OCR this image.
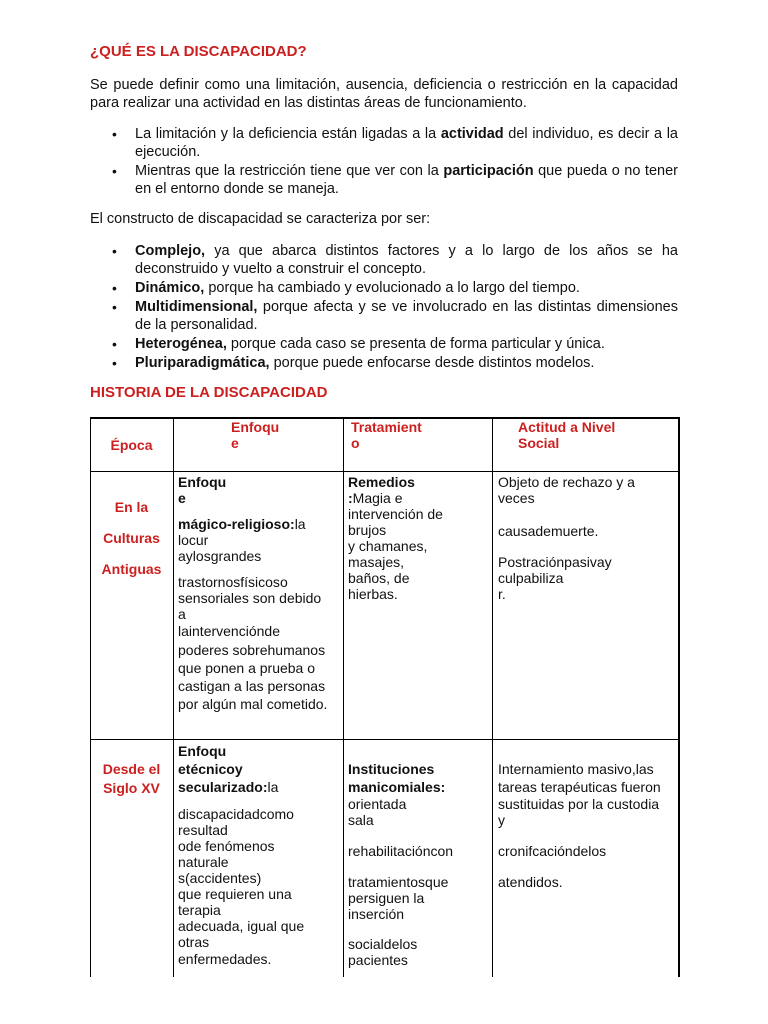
¿QUÉ ES LA DISCAPACIDAD?
Se puede definir como una limitación, ausencia, deficiencia o restricción en la capacidad para realizar una actividad en las distintas áreas de funcionamiento.
• La limitación y la deficiencia están ligadas a la actividad del individuo, es decir a la ejecución.
• Mientras que la restricción tiene que ver con la participación que pueda o no tener en el entorno donde se maneja.
El constructo de discapacidad se caracteriza por ser:
• Complejo, ya que abarca distintos factores y a lo largo de los años se ha deconstruido y vuelto a construir el concepto.
• Dinámico, porque ha cambiado y evolucionado a lo largo del tiempo.
• Multidimensional, porque afecta y se ve involucrado en las distintas dimensiones de la personalidad.
• Heterogénea, porque cada caso se presenta de forma particular y única.
• Pluriparadigmática, porque puede enfocarse desde distintos modelos.
HISTORIA DE LA DISCAPACIDAD
Época
Enfoqu
e
Tratamient
o
Actitud a Nivel
Social
En la
Culturas
Antiguas
Enfoqu
e
mágico-religioso:la
locur
aylosgrandes
trastornosfísicoso
sensoriales son debido
a
laintervenciónde
poderes sobrehumanos
que ponen a prueba o
castigan a las personas
por algún mal cometido.
Remedios
:Magia e
intervención de
brujos
y chamanes,
masajes,
baños, de
hierbas.
Objeto de rechazo y a
veces
causademuerte.
Postraciónpasivay
culpabiliza
r.
Desde el
Siglo XV
Enfoqu
etécnicoy
secularizado:la
discapacidadcomo
resultad
ode fenómenos
naturale
s(accidentes)
que requieren una
terapia
adecuada, igual que
otras
enfermedades.
Instituciones
manicomiales:
orientada
sala
rehabilitacióncon
tratamientosque
persiguen la
inserción
socialdelos
pacientes
Internamiento masivo,las
tareas terapéuticas fueron
sustituidas por la custodia
y
cronifcacióndelos
atendidos.
